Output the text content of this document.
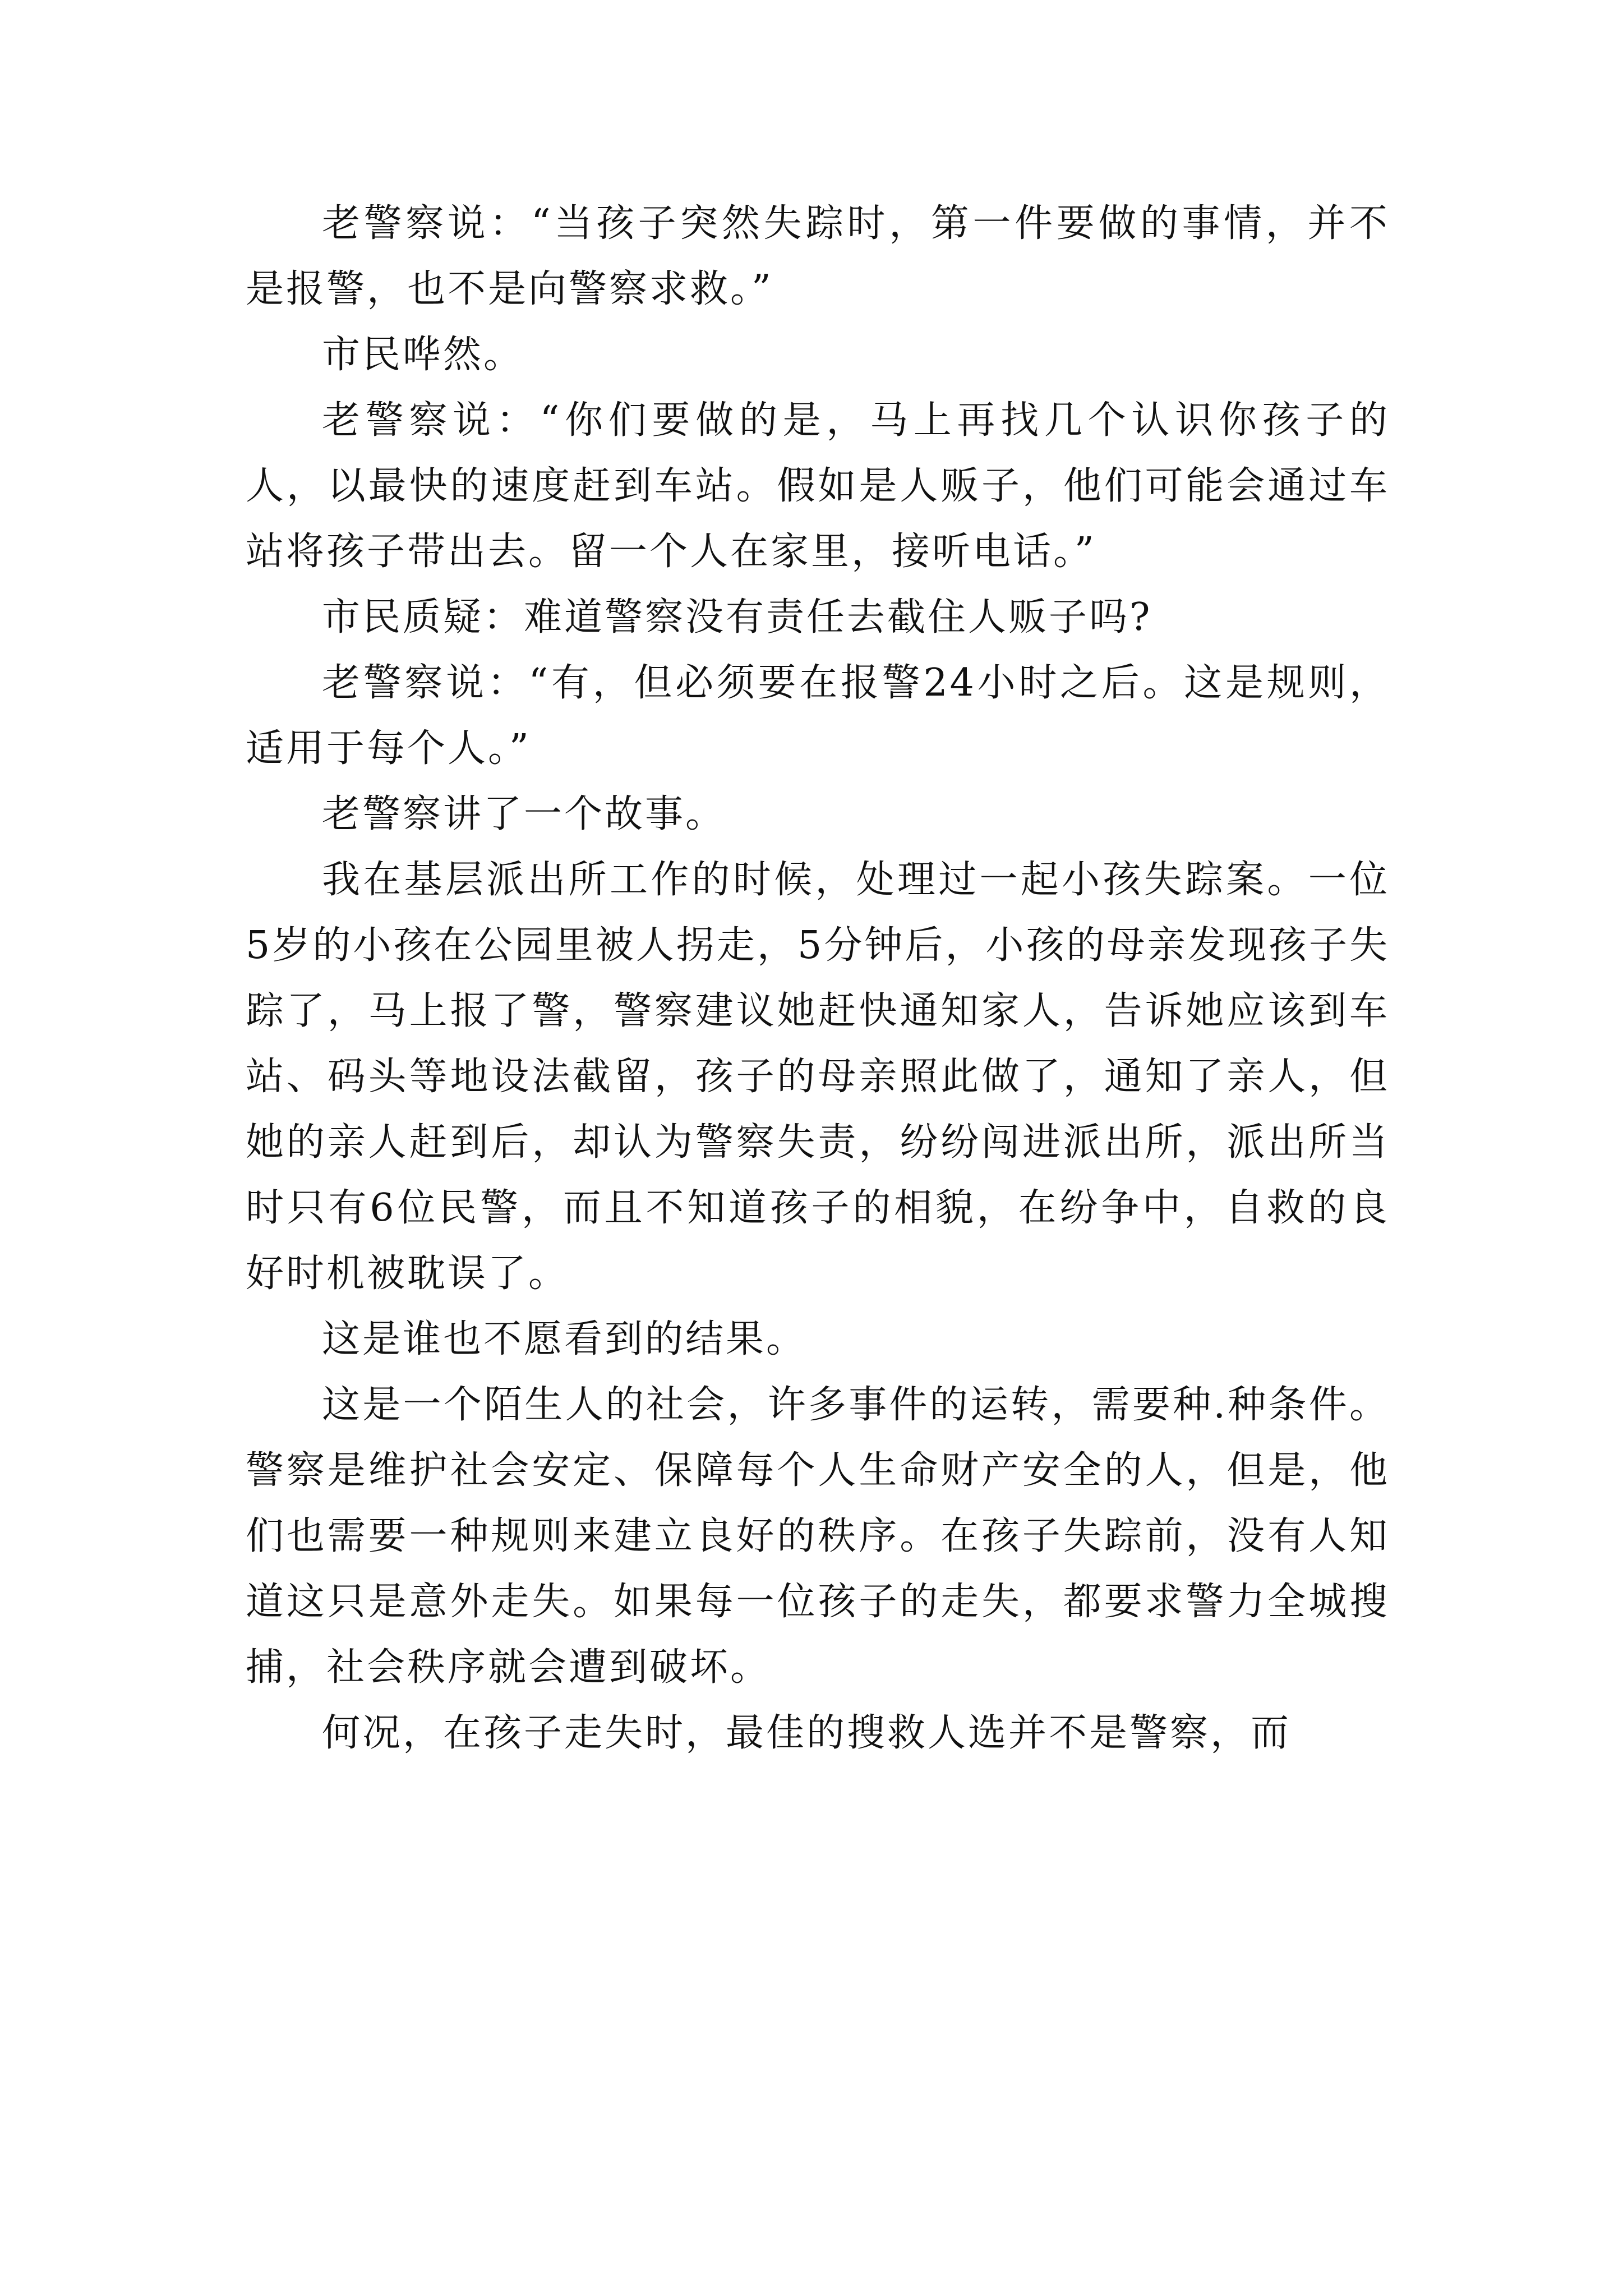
老警察说：“当孩子突然失踪时，第一件要做的事情，并不是报警，也不是向警察求救。”

市民哗然。

老警察说：“你们要做的是，马上再找几个认识你孩子的人，以最快的速度赶到车站。假如是人贩子，他们可能会通过车站将孩子带出去。留一个人在家里，接听电话。”

市民质疑：难道警察没有责任去截住人贩子吗?

老警察说：“有，但必须要在报警24小时之后。这是规则，适用于每个人。”

老警察讲了一个故事。

我在基层派出所工作的时候，处理过一起小孩失踪案。一位5岁的小孩在公园里被人拐走，5分钟后，小孩的母亲发现孩子失踪了，马上报了警，警察建议她赶快通知家人，告诉她应该到车站、码头等地设法截留，孩子的母亲照此做了，通知了亲人，但她的亲人赶到后，却认为警察失责，纷纷闯进派出所，派出所当时只有6位民警，而且不知道孩子的相貌，在纷争中，自救的良好时机被耽误了。

这是谁也不愿看到的结果。

这是一个陌生人的社会，许多事件的运转，需要种.种条件。警察是维护社会安定、保障每个人生命财产安全的人，但是，他们也需要一种规则来建立良好的秩序。在孩子失踪前，没有人知道这只是意外走失。如果每一位孩子的走失，都要求警力全城搜捕，社会秩序就会遭到破坏。

何况，在孩子走失时，最佳的搜救人选并不是警察，而
